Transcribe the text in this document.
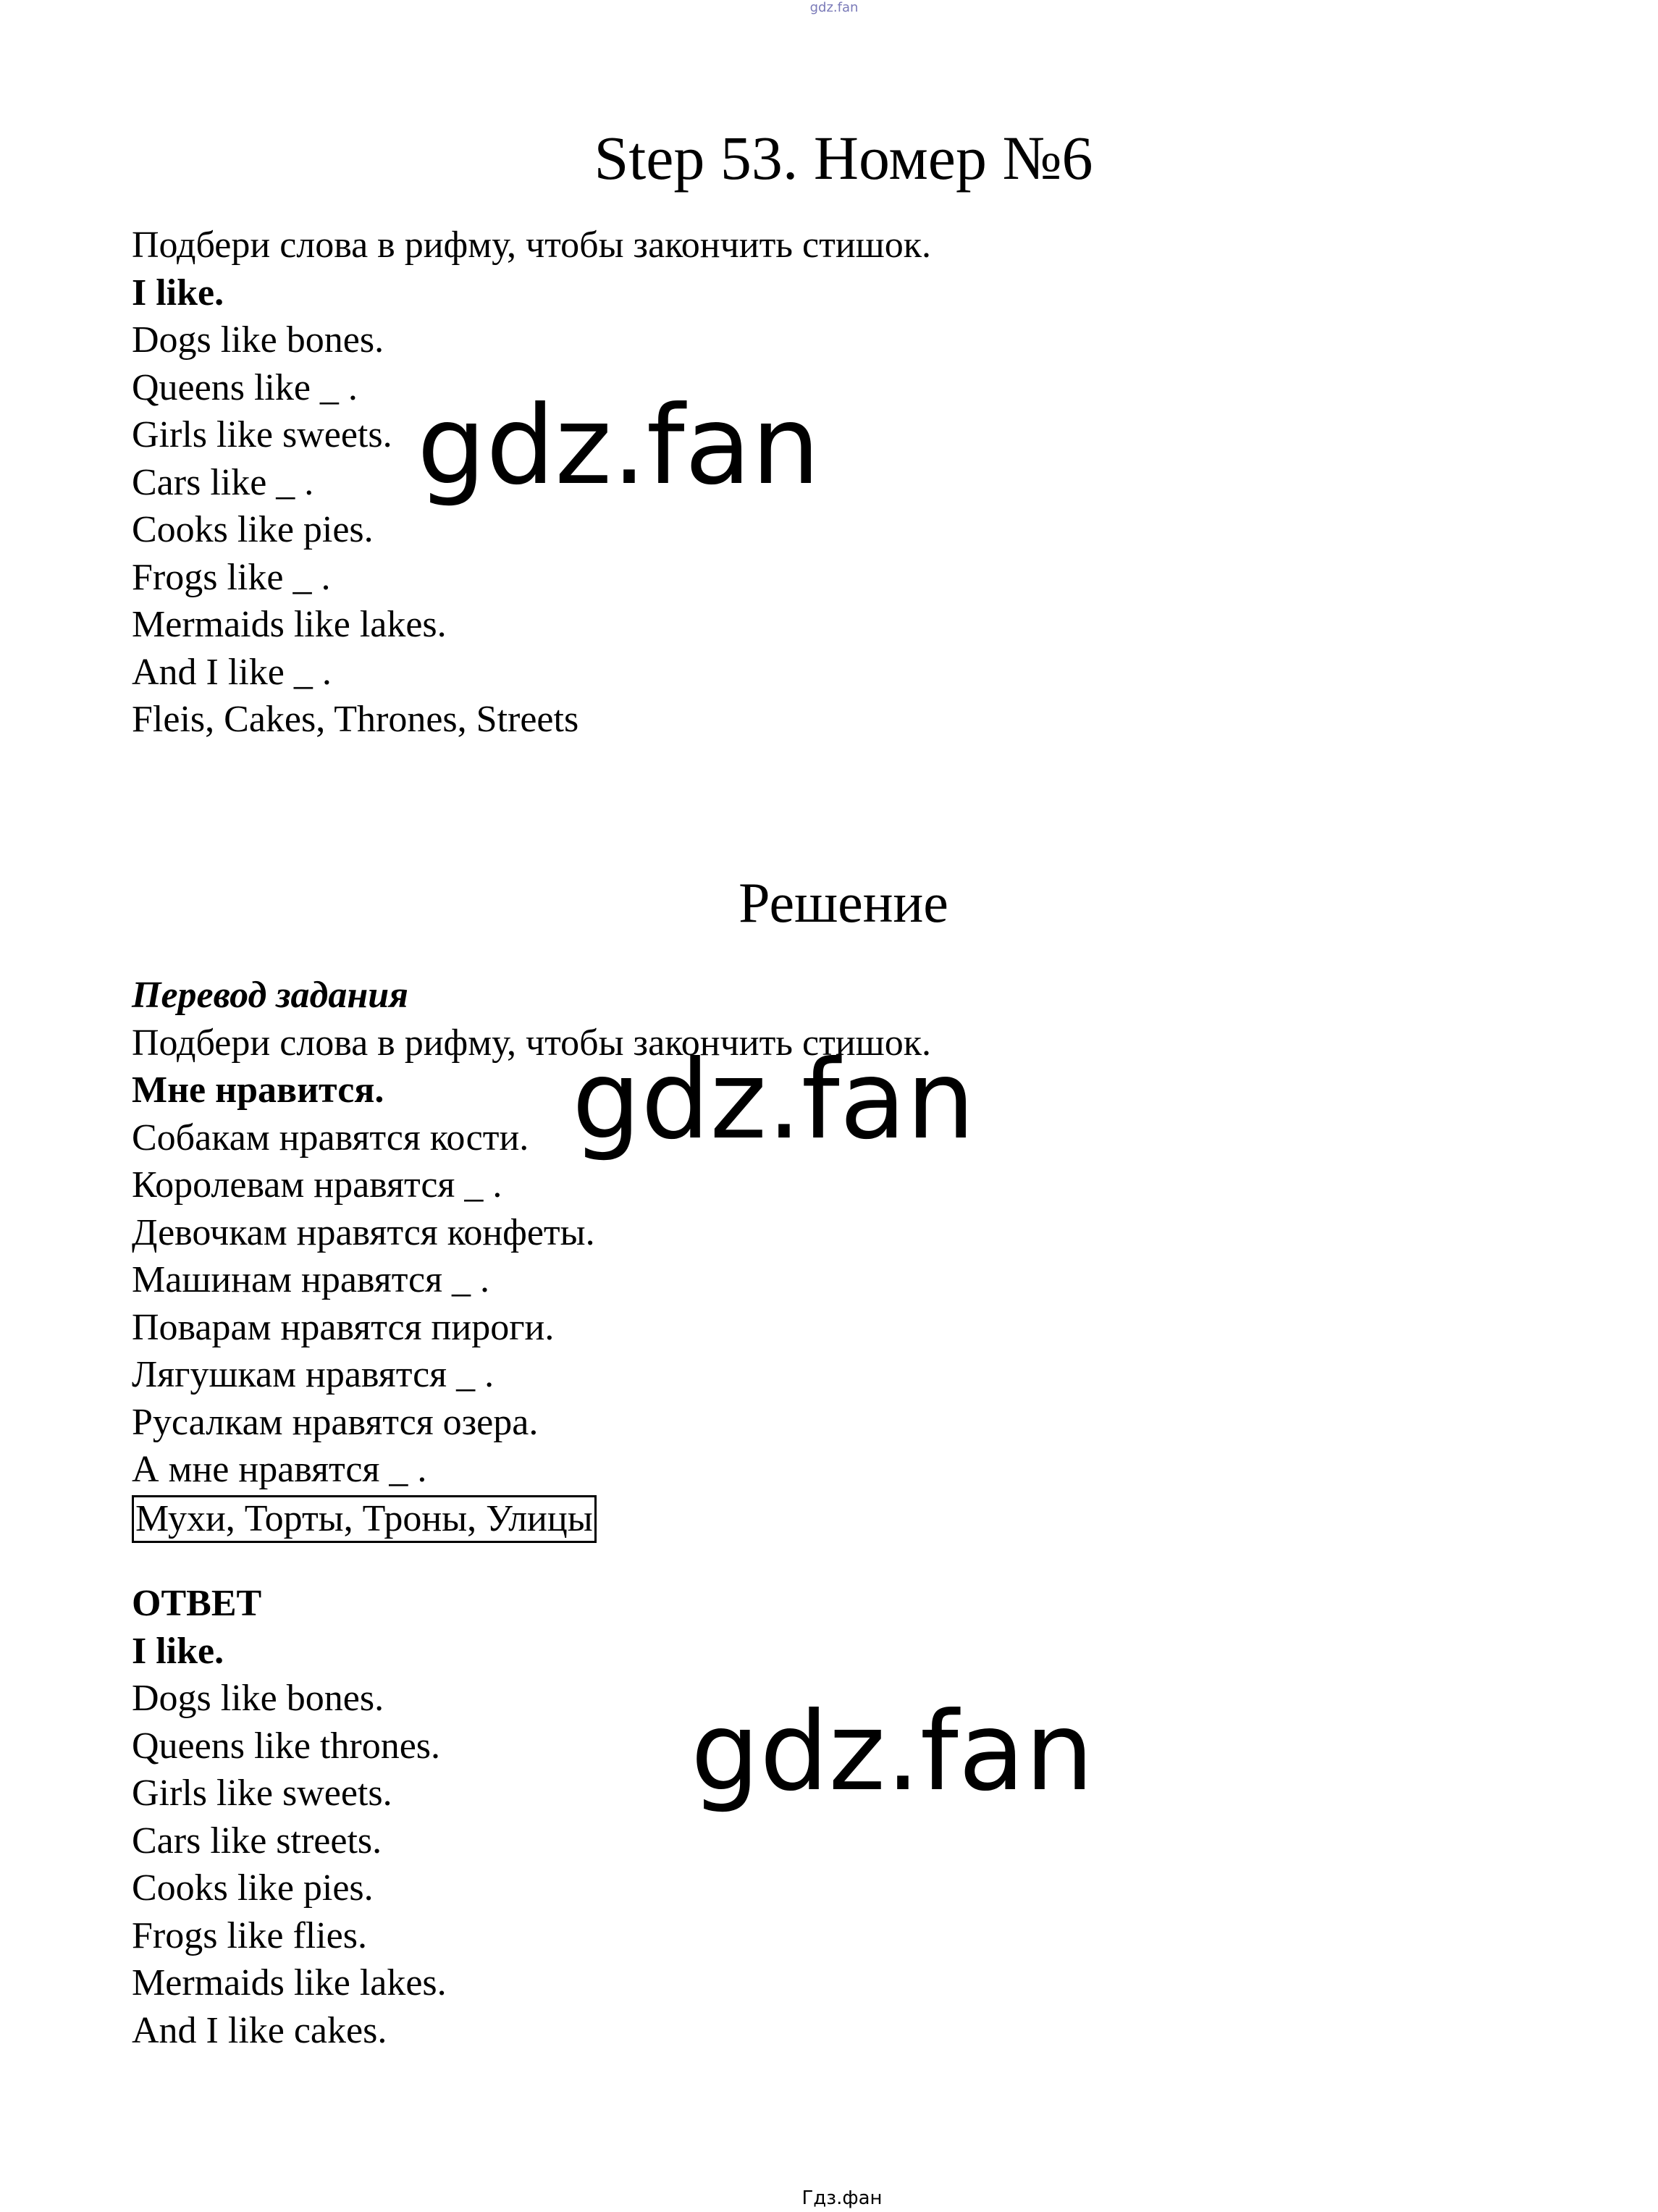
gdz.fan
Step 53. Номер №6
Подбери слова в рифму, чтобы закончить стишок.
I like.
Dogs like bones.
Queens like _ .
Girls like sweets.
Cars like _ .
Cooks like pies.
Frogs like _ .
Mermaids like lakes.
And I like _ .
Fleis, Cakes, Thrones, Streets
Решение
Перевод задания
Подбери слова в рифму, чтобы закончить стишок.
Мне нравится.
Собакам нравятся кости.
Королевам нравятся _ .
Девочкам нравятся конфеты.
Машинам нравятся _ .
Поварам нравятся пироги.
Лягушкам нравятся _ .
Русалкам нравятся озера.
А мне нравятся _ .
Мухи, Торты, Троны, Улицы
ОТВЕТ
I like.
Dogs like bones.
Queens like thrones.
Girls like sweets.
Cars like streets.
Cooks like pies.
Frogs like flies.
Mermaids like lakes.
And I like cakes.
gdz.fan
gdz.fan
gdz.fan
Гдз.фан
